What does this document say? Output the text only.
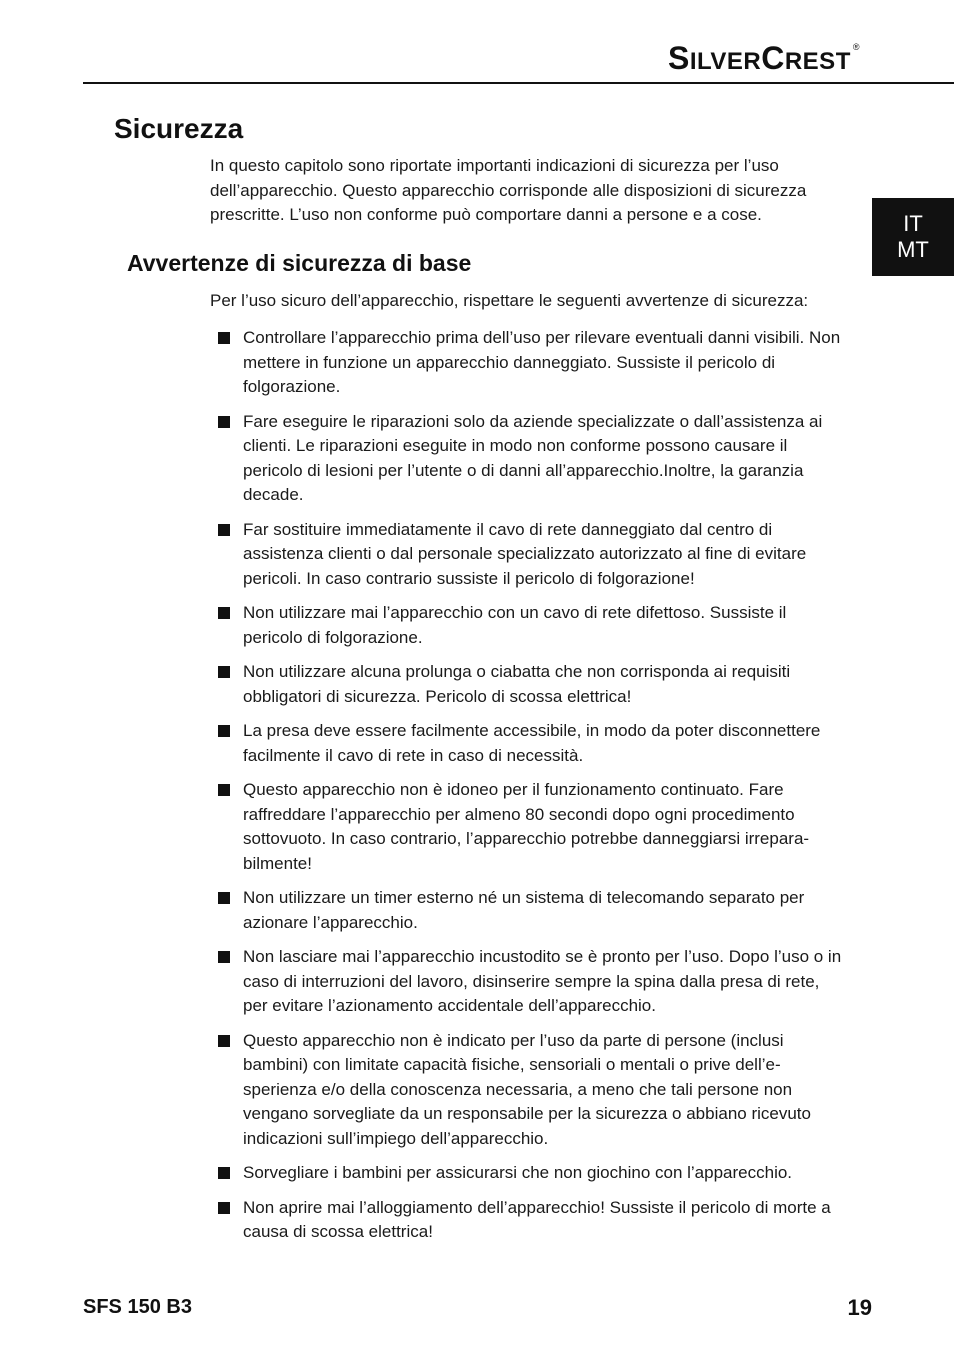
SILVERCREST®
IT
MT
Sicurezza

In questo capitolo sono riportate importanti indicazioni di sicurezza per l’uso dell’apparecchio. Questo apparecchio corrisponde alle disposizioni di sicurezza prescritte. L’uso non conforme può comportare danni a persone e a cose.

Avvertenze di sicurezza di base

Per l’uso sicuro dell’apparecchio, rispettare le seguenti avvertenze di sicurezza:

Controllare l’apparecchio prima dell’uso per rilevare eventuali danni visibili. Non mettere in funzione un apparecchio danneggiato. Sussiste il pericolo di folgorazione.
Fare eseguire le riparazioni solo da aziende specializzate o dall’assistenza ai clienti. Le riparazioni eseguite in modo non conforme possono causare il pericolo di lesioni per l’utente o di danni all’apparecchio.Inoltre, la garanzia decade.
Far sostituire immediatamente il cavo di rete danneggiato dal centro di assistenza clienti o dal personale specializzato autorizzato al fine di evitare pericoli. In caso contrario sussiste il pericolo di folgorazione!
Non utilizzare mai l’apparecchio con un cavo di rete difettoso. Sussiste il pericolo di folgorazione.
Non utilizzare alcuna prolunga o ciabatta che non corrisponda ai requisiti obbligatori di sicurezza. Pericolo di scossa elettrica!
La presa deve essere facilmente accessibile, in modo da poter disconnettere facilmente il cavo di rete in caso di necessità.
Questo apparecchio non è idoneo per il funzionamento continuato. Fare raffreddare l’apparecchio per almeno 80 secondi dopo ogni procedimento sottovuoto. In caso contrario, l’apparecchio potrebbe danneggiarsi irrepara-bilmente!
Non utilizzare un timer esterno né un sistema di telecomando separato per azionare l’apparecchio.
Non lasciare mai l’apparecchio incustodito se è pronto per l’uso. Dopo l’uso o in caso di interruzioni del lavoro, disinserire sempre la spina dalla presa di rete, per evitare l’azionamento accidentale dell’apparecchio.
Questo apparecchio non è indicato per l’uso da parte di persone (inclusi bambini) con limitate capacità fisiche, sensoriali o mentali o prive dell’e-sperienza e/o della conoscenza necessaria, a meno che tali persone non vengano sorvegliate da un responsabile per la sicurezza o abbiano ricevuto indicazioni sull’impiego dell’apparecchio.
Sorvegliare i bambini per assicurarsi che non giochino con l’apparecchio.
Non aprire mai l’alloggiamento dell’apparecchio! Sussiste il pericolo di morte a causa di scossa elettrica!
SFS 150 B3	19
